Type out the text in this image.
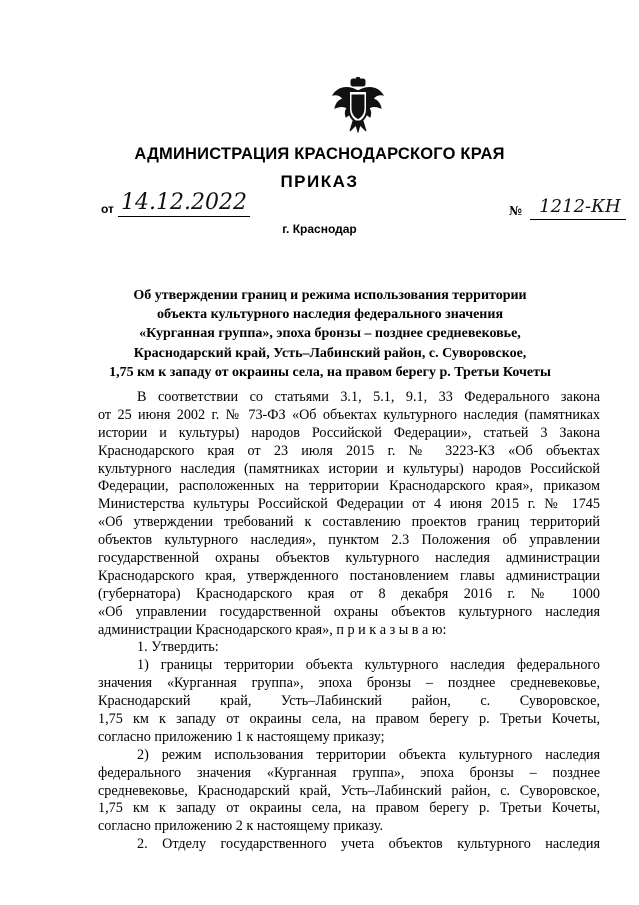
АДМИНИСТРАЦИЯ КРАСНОДАРСКОГО КРАЯ
ПРИКАЗ
от 14.12.2022	№ 1212-КН
г. Краснодар
Об утверждении границ и режима использования территории
объекта культурного наследия федерального значения
«Курганная группа», эпоха бронзы – позднее средневековье,
Краснодарский край, Усть–Лабинский район, с. Суворовское,
1,75 км к западу от окраины села, на правом берегу р. Третьи Кочеты
В соответствии со статьями 3.1, 5.1, 9.1, 33 Федерального закона
от 25 июня 2002 г. № 73-ФЗ «Об объектах культурного наследия (памятниках
истории и культуры) народов Российской Федерации», статьей 3 Закона
Краснодарского края от 23 июля 2015 г. № 3223-КЗ «Об объектах
культурного наследия (памятниках истории и культуры) народов Российской
Федерации, расположенных на территории Краснодарского края», приказом
Министерства культуры Российской Федерации от 4 июня 2015 г. № 1745
«Об утверждении требований к составлению проектов границ территорий
объектов культурного наследия», пунктом 2.3 Положения об управлении
государственной охраны объектов культурного наследия администрации
Краснодарского края, утвержденного постановлением главы администрации
(губернатора) Краснодарского края от 8 декабря 2016 г. № 1000
«Об управлении государственной охраны объектов культурного наследия
администрации Краснодарского края», п р и к а з ы в а ю:
1. Утвердить:
1) границы территории объекта культурного наследия федерального
значения «Курганная группа», эпоха бронзы – позднее средневековье,
Краснодарский край, Усть–Лабинский район, с. Суворовское,
1,75 км к западу от окраины села, на правом берегу р. Третьи Кочеты,
согласно приложению 1 к настоящему приказу;
2) режим использования территории объекта культурного наследия
федерального значения «Курганная группа», эпоха бронзы – позднее
средневековье, Краснодарский край, Усть–Лабинский район, с. Суворовское,
1,75 км к западу от окраины села, на правом берегу р. Третьи Кочеты,
согласно приложению 2 к настоящему приказу.
2. Отделу государственного учета объектов культурного наследия
